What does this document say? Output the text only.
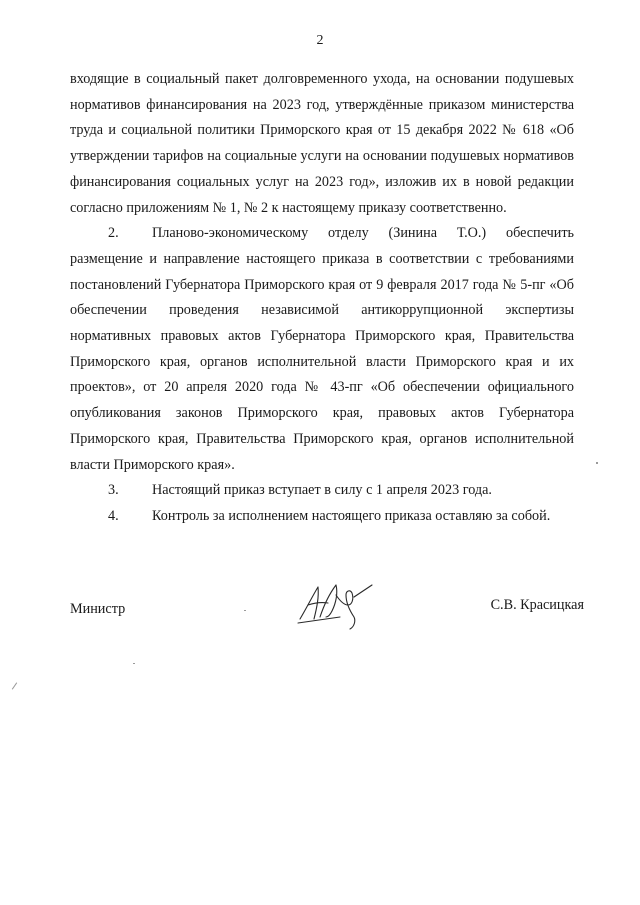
2

входящие в социальный пакет долговременного ухода, на основании подушевых нормативов финансирования на 2023 год, утверждённые приказом министерства труда и социальной политики Приморского края от 15 декабря 2022 № 618 «Об утверждении тарифов на социальные услуги на основании подушевых нормативов финансирования социальных услуг на 2023 год», изложив их в новой редакции согласно приложениям № 1, № 2 к настоящему приказу соответственно.

2. Планово-экономическому отделу (Зинина Т.О.) обеспечить размещение и направление настоящего приказа в соответствии с требованиями постановлений Губернатора Приморского края от 9 февраля 2017 года № 5-пг «Об обеспечении проведения независимой антикоррупционной экспертизы нормативных правовых актов Губернатора Приморского края, Правительства Приморского края, органов исполнительной власти Приморского края и их проектов», от 20 апреля 2020 года № 43-пг «Об обеспечении официального опубликования законов Приморского края, правовых актов Губернатора Приморского края, Правительства Приморского края, органов исполнительной власти Приморского края».

3. Настоящий приказ вступает в силу с 1 апреля 2023 года.

4. Контроль за исполнением настоящего приказа оставляю за собой.

Министр	С.В. Красицкая
